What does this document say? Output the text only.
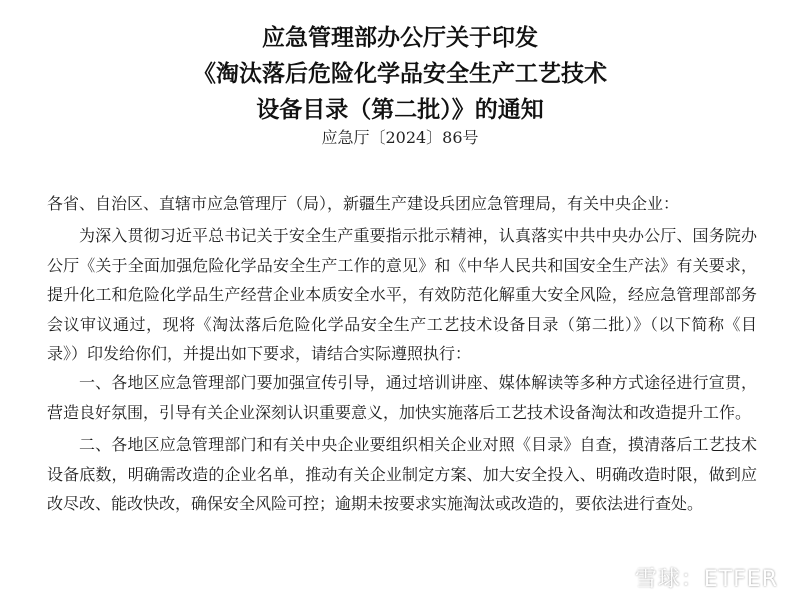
应急管理部办公厅关于印发

《淘汰落后危险化学品安全生产工艺技术

设备目录（第二批）》的通知

应急厅〔2024〕86号

各省、自治区、直辖市应急管理厅（局），新疆生产建设兵团应急管理局，有关中央企业：

为深入贯彻习近平总书记关于安全生产重要指示批示精神，认真落实中共中央办公厅、国务院办公厅《关于全面加强危险化学品安全生产工作的意见》和《中华人民共和国安全生产法》有关要求，提升化工和危险化学品生产经营企业本质安全水平，有效防范化解重大安全风险，经应急管理部部务会议审议通过，现将《淘汰落后危险化学品安全生产工艺技术设备目录（第二批）》（以下简称《目录》）印发给你们，并提出如下要求，请结合实际遵照执行：

一、各地区应急管理部门要加强宣传引导，通过培训讲座、媒体解读等多种方式途径进行宣贯，营造良好氛围，引导有关企业深刻认识重要意义，加快实施落后工艺技术设备淘汰和改造提升工作。

二、各地区应急管理部门和有关中央企业要组织相关企业对照《目录》自查，摸清落后工艺技术设备底数，明确需改造的企业名单，推动有关企业制定方案、加大安全投入、明确改造时限，做到应改尽改、能改快改，确保安全风险可控；逾期未按要求实施淘汰或改造的，要依法进行查处。

雪球：ETFER
